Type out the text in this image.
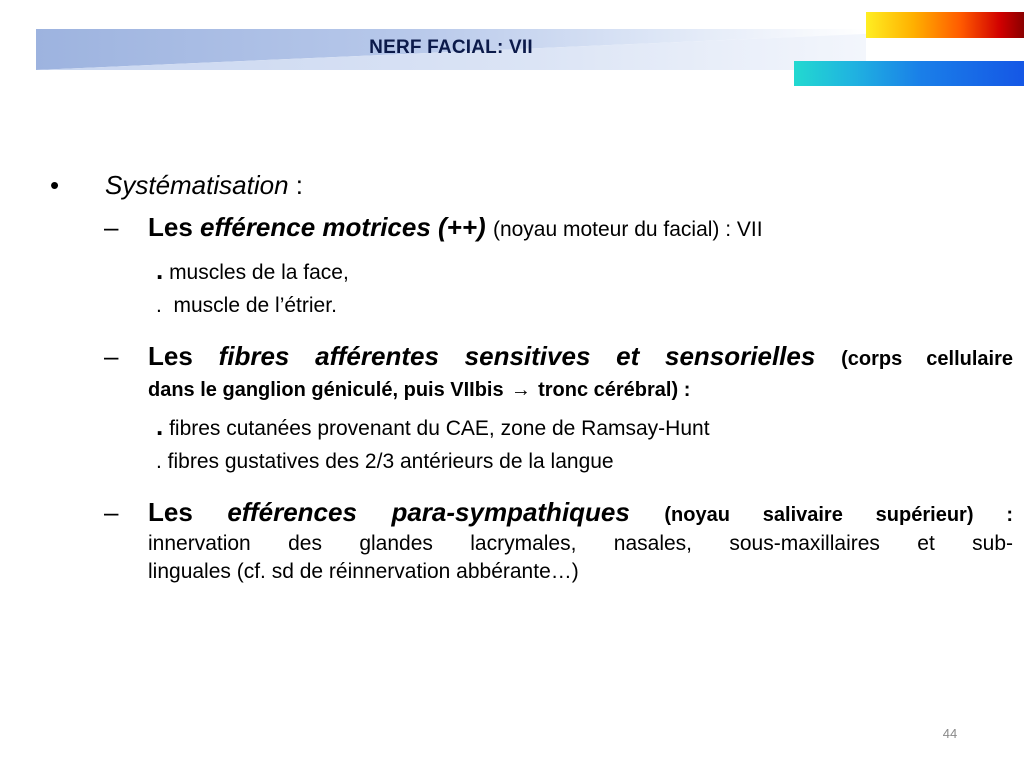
NERF FACIAL: VII
•	Systématisation :
– Les efférence motrices (++) (noyau moteur du facial) : VII
. muscles de la face,
.  muscle de l’étrier.
– Les fibres afférentes sensitives et sensorielles (corps cellulaire
dans le ganglion géniculé, puis VIIbis → tronc cérébral) :
. fibres cutanées provenant du CAE, zone de Ramsay-Hunt
. fibres gustatives des 2/3 antérieurs de la langue
– Les efférences para-sympathiques (noyau salivaire supérieur) :
innervation des glandes lacrymales, nasales, sous-maxillaires et sub-
linguales (cf. sd de réinnervation abbérante…)
44
